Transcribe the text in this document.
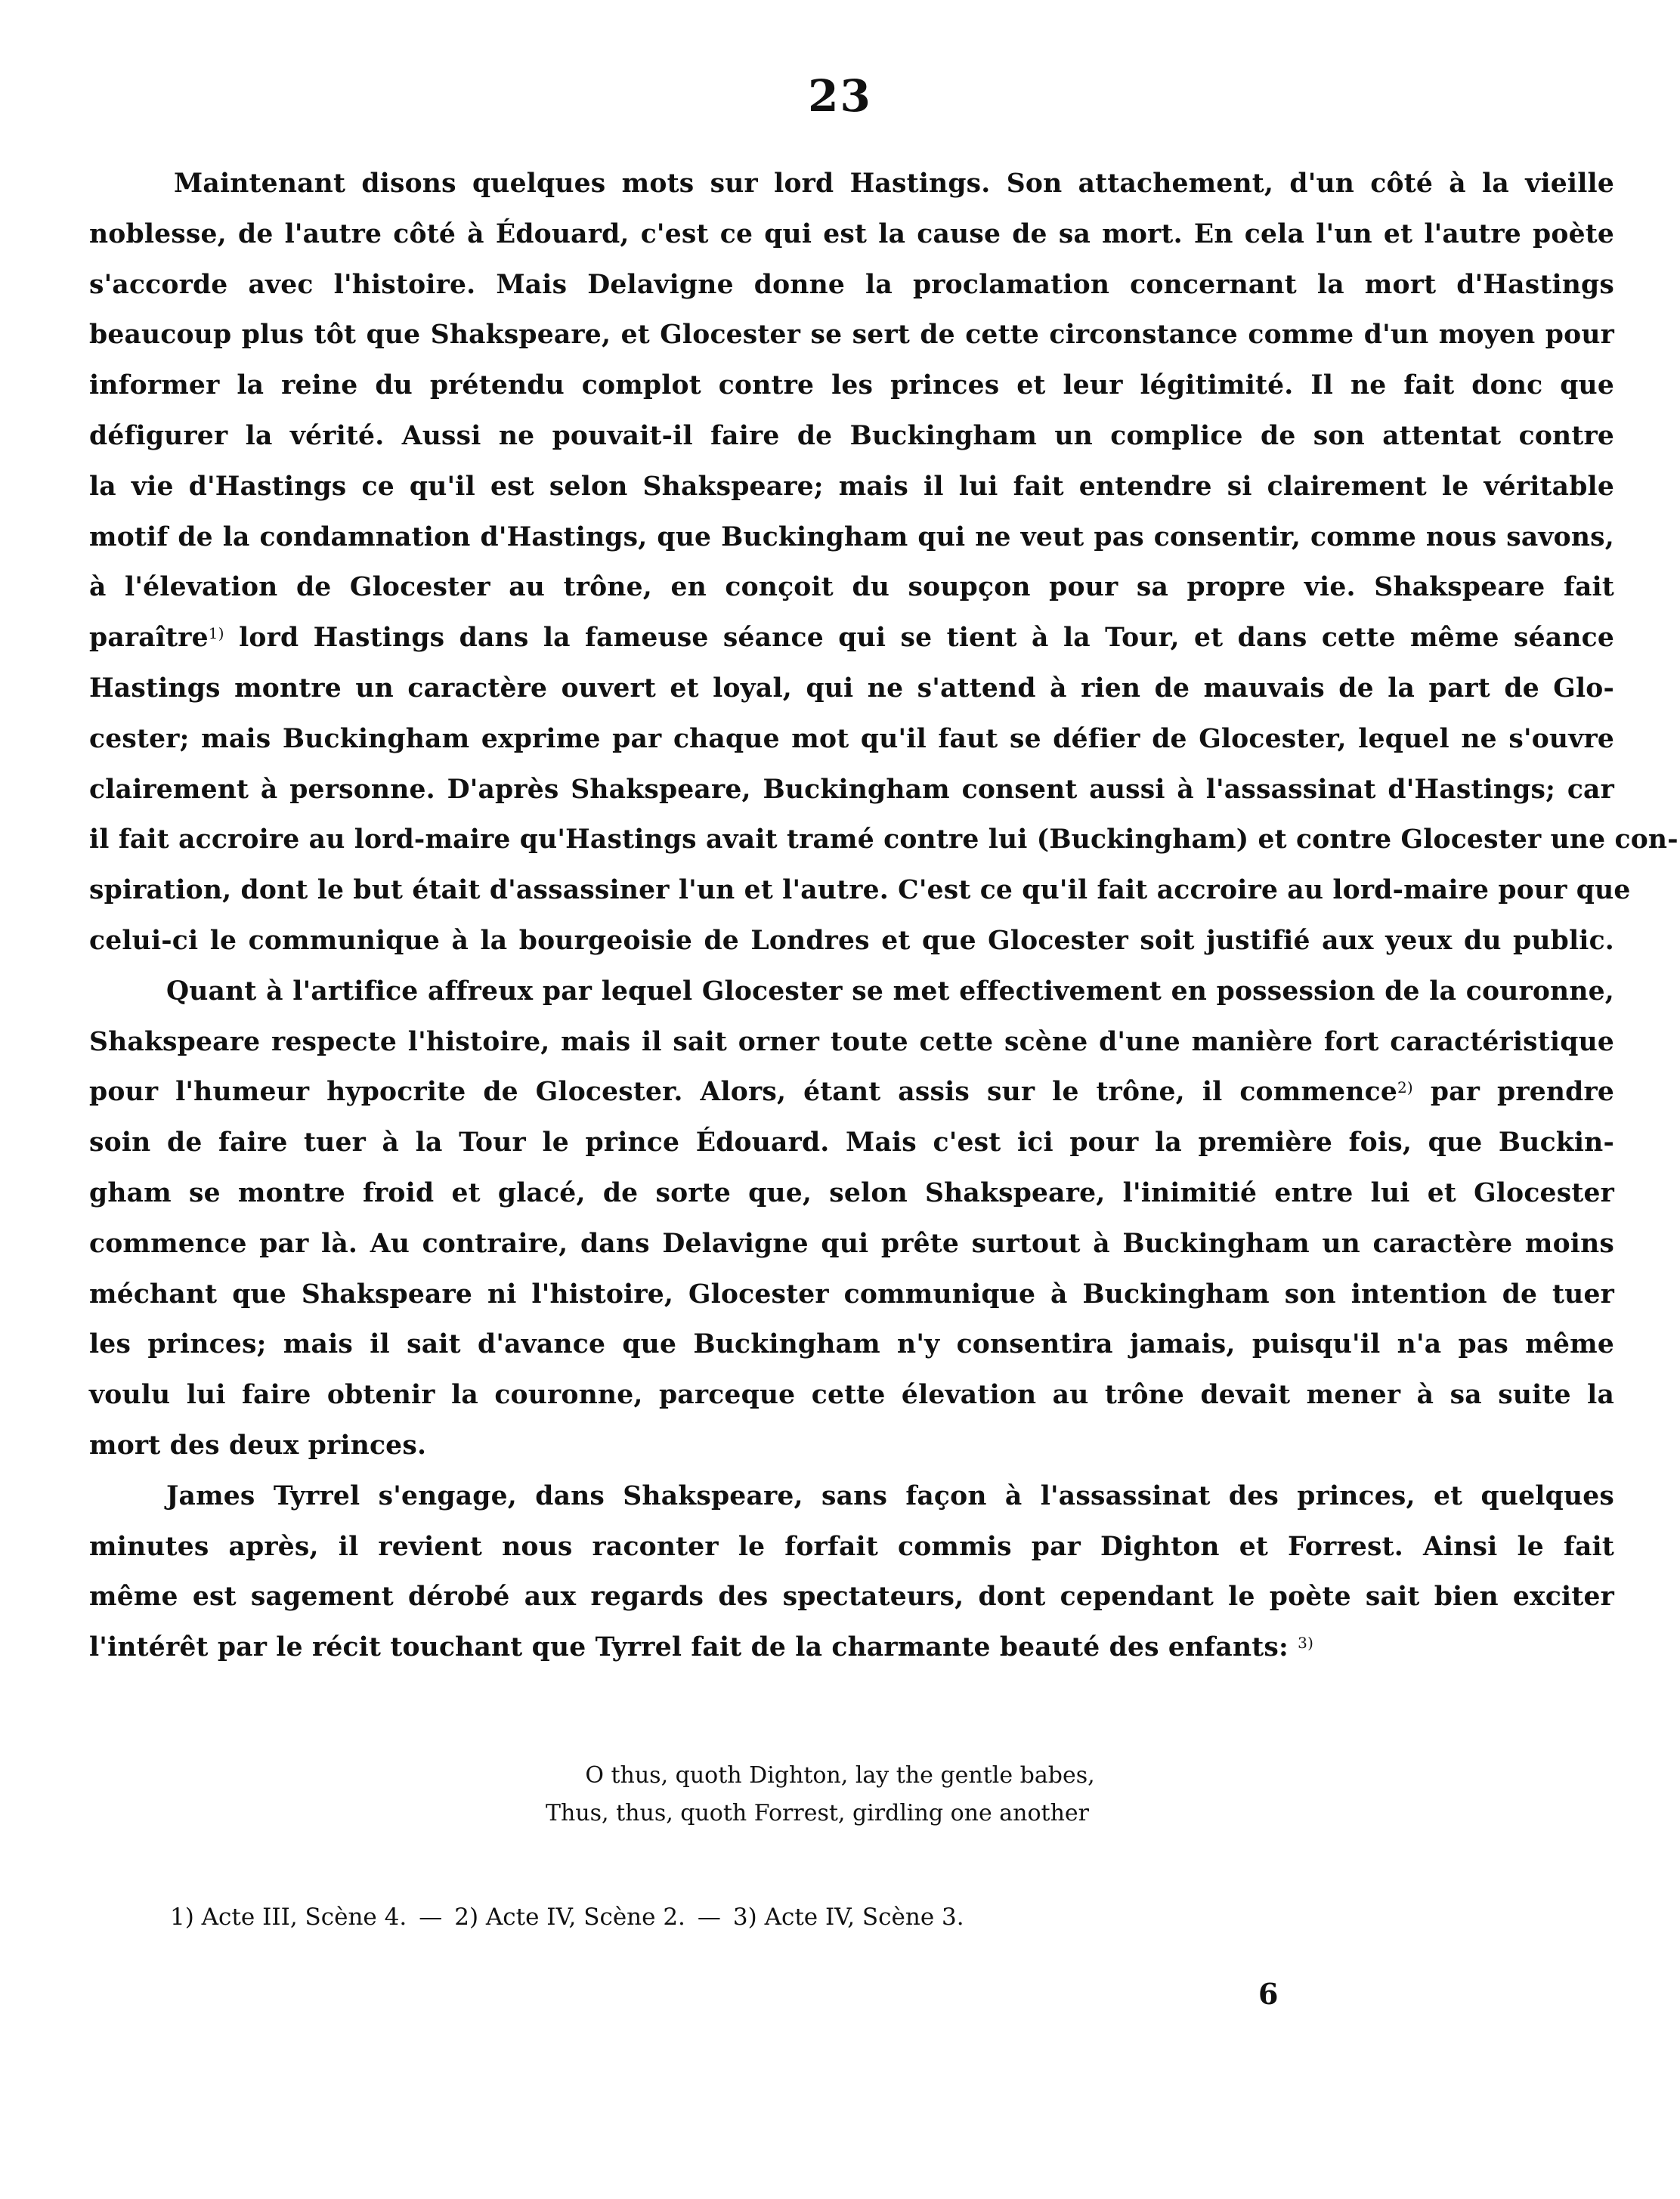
23
Maintenant disons quelques mots sur lord Hastings. Son attachement, d'un côté à la vieille
noblesse, de l'autre côté à Édouard, c'est ce qui est la cause de sa mort. En cela l'un et l'autre poète
s'accorde avec l'histoire. Mais Delavigne donne la proclamation concernant la mort d'Hastings
beaucoup plus tôt que Shakspeare, et Glocester se sert de cette circonstance comme d'un moyen pour
informer la reine du prétendu complot contre les princes et leur légitimité. Il ne fait donc que
défigurer la vérité. Aussi ne pouvait-il faire de Buckingham un complice de son attentat contre
la vie d'Hastings ce qu'il est selon Shakspeare; mais il lui fait entendre si clairement le véritable
motif de la condamnation d'Hastings, que Buckingham qui ne veut pas consentir, comme nous savons,
à l'élevation de Glocester au trône, en conçoit du soupçon pour sa propre vie. Shakspeare fait
paraître$^{1)}$ lord Hastings dans la fameuse séance qui se tient à la Tour, et dans cette même séance
Hastings montre un caractère ouvert et loyal, qui ne s'attend à rien de mauvais de la part de Glo-
cester; mais Buckingham exprime par chaque mot qu'il faut se défier de Glocester, lequel ne s'ouvre
clairement à personne. D'après Shakspeare, Buckingham consent aussi à l'assassinat d'Hastings; car
il fait accroire au lord-maire qu'Hastings avait tramé contre lui (Buckingham) et contre Glocester une con-
spiration, dont le but était d'assassiner l'un et l'autre. C'est ce qu'il fait accroire au lord-maire pour que
celui-ci le communique à la bourgeoisie de Londres et que Glocester soit justifié aux yeux du public.
Quant à l'artifice affreux par lequel Glocester se met effectivement en possession de la couronne,
Shakspeare respecte l'histoire, mais il sait orner toute cette scène d'une manière fort caractéristique
pour l'humeur hypocrite de Glocester. Alors, étant assis sur le trône, il commence$^{2)}$ par prendre
soin de faire tuer à la Tour le prince Édouard. Mais c'est ici pour la première fois, que Buckin-
gham se montre froid et glacé, de sorte que, selon Shakspeare, l'inimitié entre lui et Glocester
commence par là. Au contraire, dans Delavigne qui prête surtout à Buckingham un caractère moins
méchant que Shakspeare ni l'histoire, Glocester communique à Buckingham son intention de tuer
les princes; mais il sait d'avance que Buckingham n'y consentira jamais, puisqu'il n'a pas même
voulu lui faire obtenir la couronne, parceque cette élevation au trône devait mener à sa suite la
mort des deux princes.
James Tyrrel s'engage, dans Shakspeare, sans façon à l'assassinat des princes, et quelques
minutes après, il revient nous raconter le forfait commis par Dighton et Forrest. Ainsi le fait
même est sagement dérobé aux regards des spectateurs, dont cependant le poète sait bien exciter
l'intérêt par le récit touchant que Tyrrel fait de la charmante beauté des enfants: $^{3)}$
O thus, quoth Dighton, lay the gentle babes,
Thus, thus, quoth Forrest, girdling one another
1) Acte III, Scène 4. — 2) Acte IV, Scène 2. — 3) Acte IV, Scène 3.
6
